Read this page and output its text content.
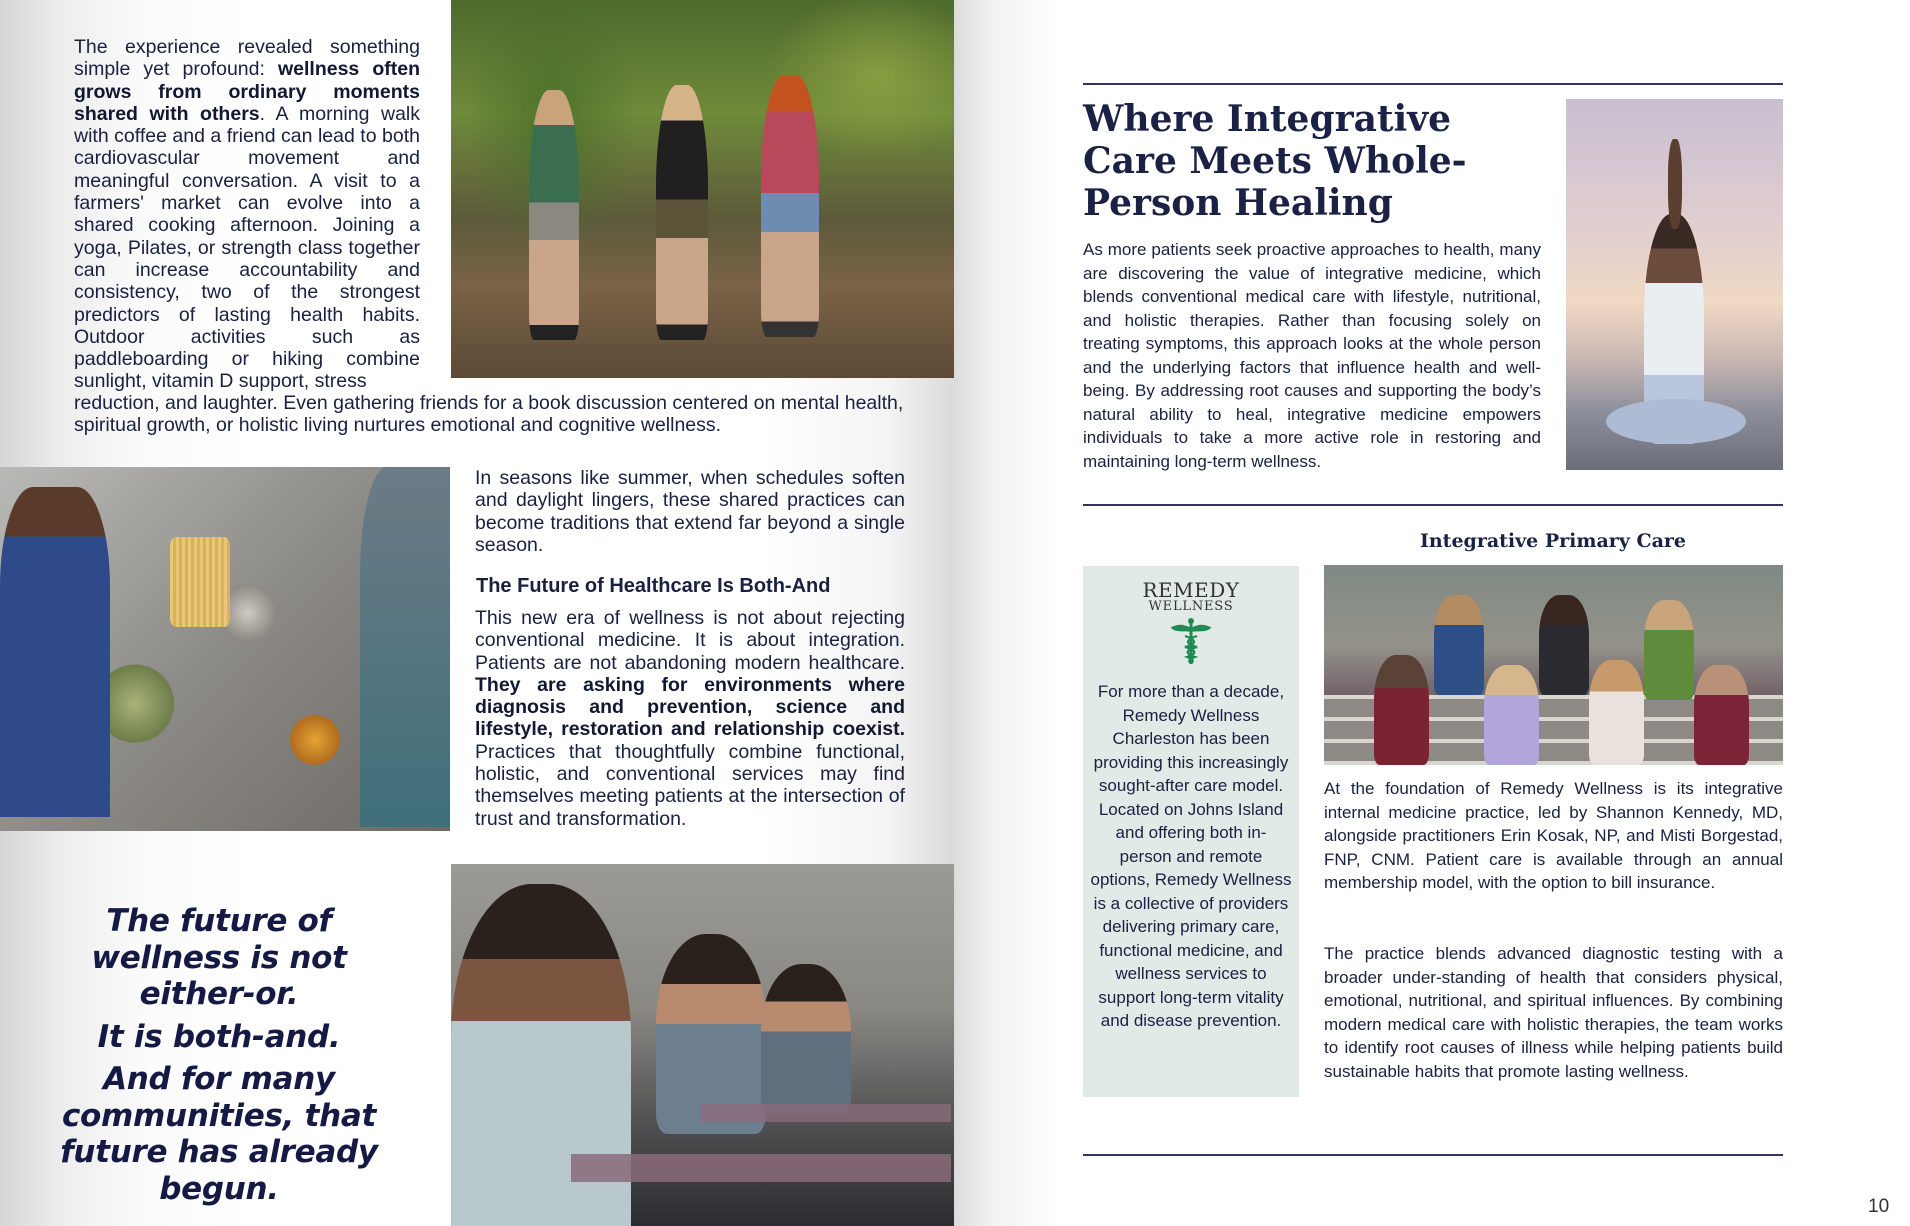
The experience revealed something simple yet profound: wellness often grows from ordinary moments shared with others. A morning walk with coffee and a friend can lead to both cardiovascular movement and meaningful conversation. A visit to a farmers' market can evolve into a shared cooking afternoon. Joining a yoga, Pilates, or strength class together can increase accountability and consistency, two of the strongest predictors of lasting health habits. Outdoor activities such as paddleboarding or hiking combine sunlight, vitamin D support, stress
reduction, and laughter. Even gathering friends for a book discussion centered on mental health, spiritual growth, or holistic living nurtures emotional and cognitive wellness.
In seasons like summer, when schedules soften and daylight lingers, these shared practices can become traditions that extend far beyond a single season.
The Future of Healthcare Is Both-And
This new era of wellness is not about rejecting conventional medicine. It is about integration. Patients are not abandoning modern healthcare. They are asking for environments where diagnosis and prevention, science and lifestyle, restoration and relationship coexist. Practices that thoughtfully combine functional, holistic, and conventional services may find themselves meeting patients at the intersection of trust and transformation.
The future of wellness is not either-or.
It is both-and.
And for many communities, that future has already begun.
Where Integrative Care Meets Whole-Person Healing
As more patients seek proactive approaches to health, many are discovering the value of integrative medicine, which blends conventional medical care with lifestyle, nutritional, and holistic therapies. Rather than focusing solely on treating symptoms, this approach looks at the whole person and the underlying factors that influence health and well-being. By addressing root causes and supporting the body’s natural ability to heal, integrative medicine empowers individuals to take a more active role in restoring and maintaining long-term wellness.
Integrative Primary Care
REMEDY
WELLNESS
For more than a decade, Remedy Wellness Charleston has been providing this increasingly sought-after care model. Located on Johns Island and offering both in-person and remote options, Remedy Wellness is a collective of providers delivering primary care, functional medicine, and wellness services to support long-term vitality and disease prevention.
At the foundation of Remedy Wellness is its integrative internal medicine practice, led by Shannon Kennedy, MD, alongside practitioners Erin Kosak, NP, and Misti Borgestad, FNP, CNM. Patient care is available through an annual membership model, with the option to bill insurance.
The practice blends advanced diagnostic testing with a broader under-standing of health that considers physical, emotional, nutritional, and spiritual influences. By combining modern medical care with holistic therapies, the team works to identify root causes of illness while helping patients build sustainable habits that promote lasting wellness.
10
